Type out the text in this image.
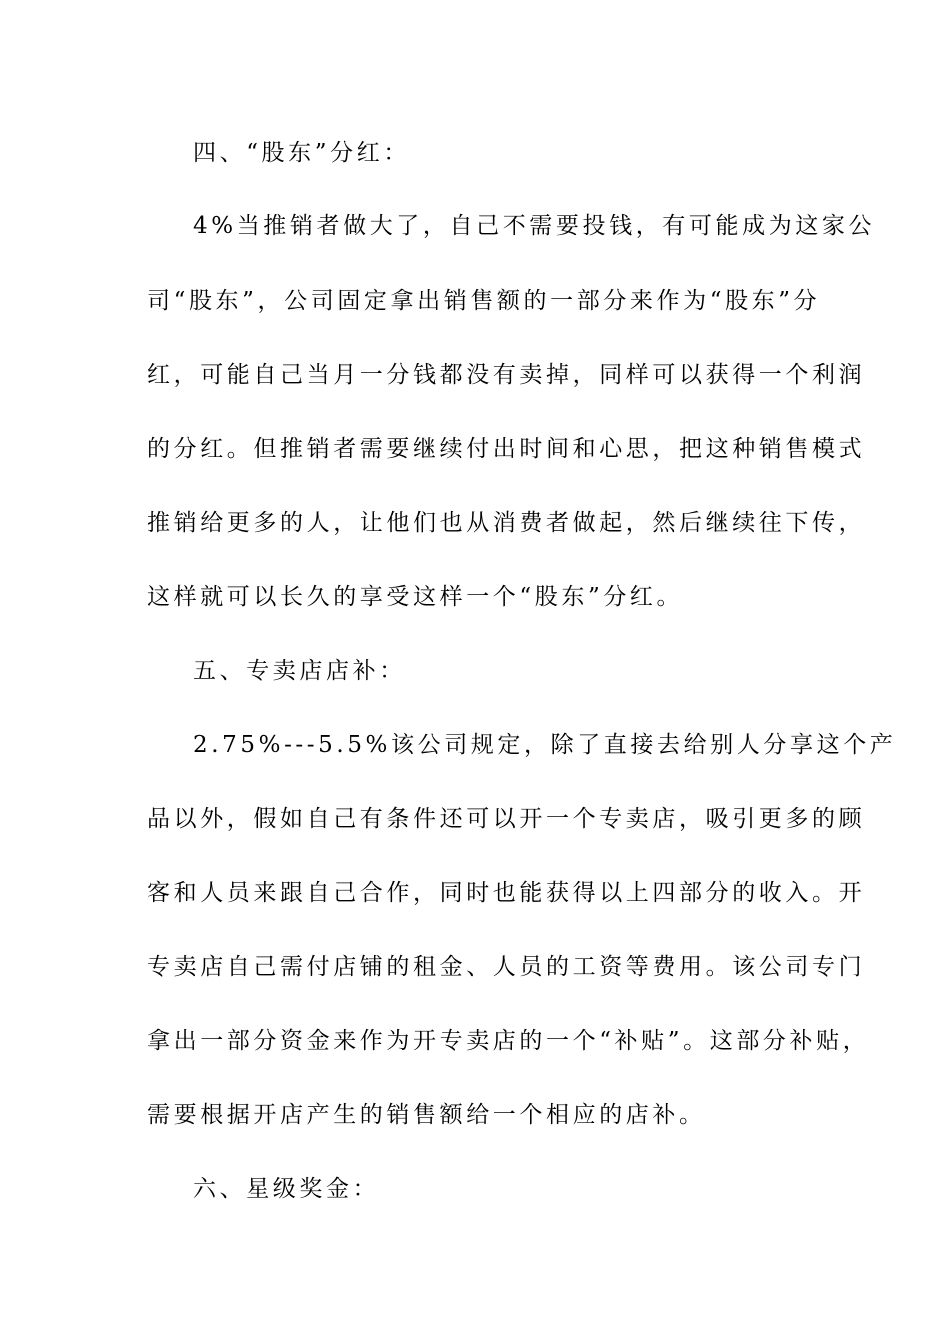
四、“股东”分红：
4%当推销者做大了，自己不需要投钱，有可能成为这家公
司“股东”，公司固定拿出销售额的一部分来作为“股东”分
红，可能自己当月一分钱都没有卖掉，同样可以获得一个利润
的分红。但推销者需要继续付出时间和心思，把这种销售模式
推销给更多的人，让他们也从消费者做起，然后继续往下传，
这样就可以长久的享受这样一个“股东”分红。
五、专卖店店补：
2.75%---5.5%该公司规定，除了直接去给别人分享这个产
品以外，假如自己有条件还可以开一个专卖店，吸引更多的顾
客和人员来跟自己合作，同时也能获得以上四部分的收入。开
专卖店自己需付店铺的租金、人员的工资等费用。该公司专门
拿出一部分资金来作为开专卖店的一个“补贴”。这部分补贴，
需要根据开店产生的销售额给一个相应的店补。
六、星级奖金：
